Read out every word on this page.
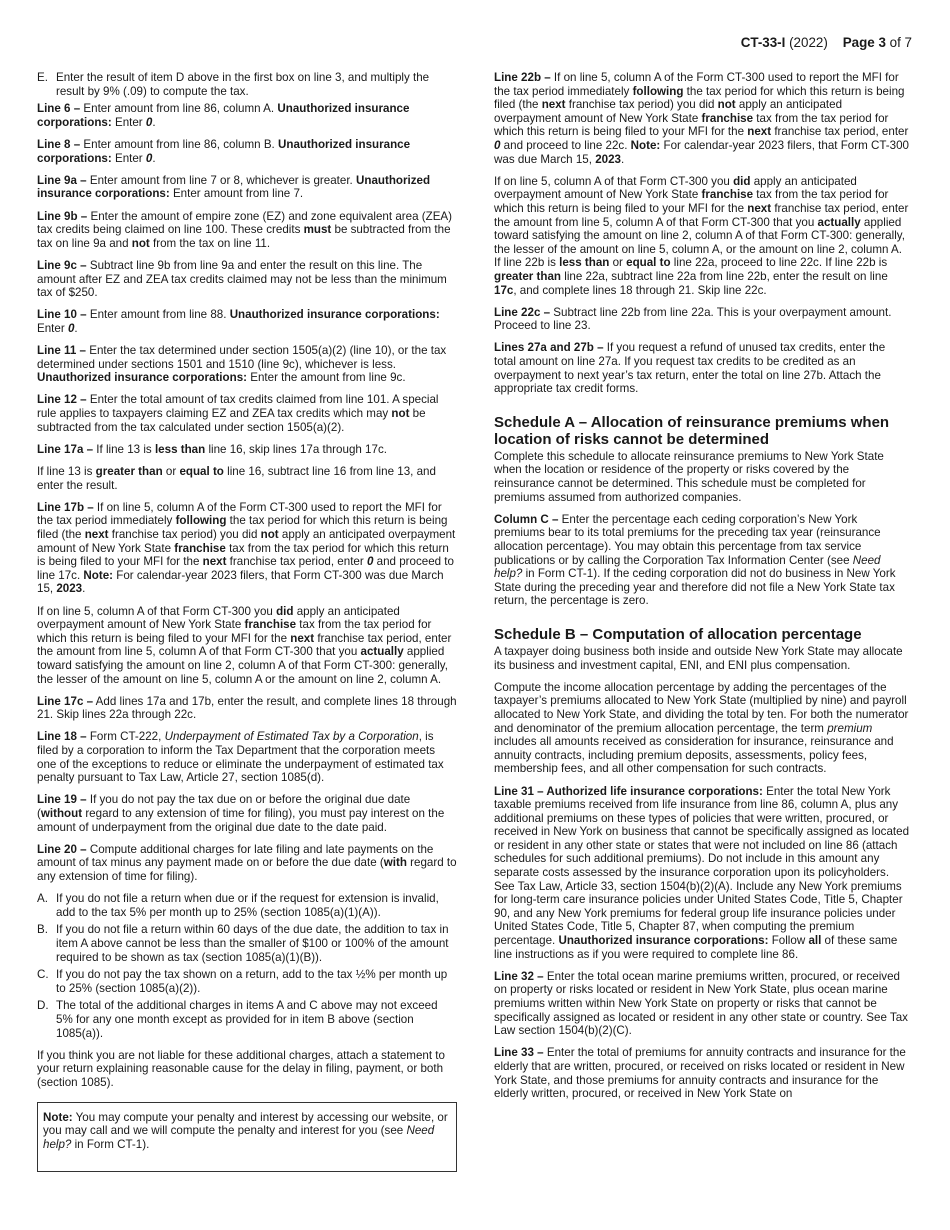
CT-33-I (2022) Page 3 of 7
E. Enter the result of item D above in the first box on line 3, and multiply the result by 9% (.09) to compute the tax.

Line 6 – Enter amount from line 86, column A. Unauthorized insurance corporations: Enter 0.

Line 8 – Enter amount from line 86, column B. Unauthorized insurance corporations: Enter 0.

Line 9a – Enter amount from line 7 or 8, whichever is greater. Unauthorized insurance corporations: Enter amount from line 7.

Line 9b – Enter the amount of empire zone (EZ) and zone equivalent area (ZEA) tax credits being claimed on line 100. These credits must be subtracted from the tax on line 9a and not from the tax on line 11.

Line 9c – Subtract line 9b from line 9a and enter the result on this line. The amount after EZ and ZEA tax credits claimed may not be less than the minimum tax of $250.

Line 10 – Enter amount from line 88. Unauthorized insurance corporations: Enter 0.

Line 11 – Enter the tax determined under section 1505(a)(2) (line 10), or the tax determined under sections 1501 and 1510 (line 9c), whichever is less. Unauthorized insurance corporations: Enter the amount from line 9c.

Line 12 – Enter the total amount of tax credits claimed from line 101. A special rule applies to taxpayers claiming EZ and ZEA tax credits which may not be subtracted from the tax calculated under section 1505(a)(2).

Line 17a – If line 13 is less than line 16, skip lines 17a through 17c.

If line 13 is greater than or equal to line 16, subtract line 16 from line 13, and enter the result.

Line 17b – If on line 5, column A of the Form CT-300 used to report the MFI for the tax period immediately following the tax period for which this return is being filed (the next franchise tax period) you did not apply an anticipated overpayment amount of New York State franchise tax from the tax period for which this return is being filed to your MFI for the next franchise tax period, enter 0 and proceed to line 17c. Note: For calendar-year 2023 filers, that Form CT-300 was due March 15, 2023.

If on line 5, column A of that Form CT-300 you did apply an anticipated overpayment amount of New York State franchise tax from the tax period for which this return is being filed to your MFI for the next franchise tax period, enter the amount from line 5, column A of that Form CT-300 that you actually applied toward satisfying the amount on line 2, column A of that Form CT-300: generally, the lesser of the amount on line 5, column A or the amount on line 2, column A.

Line 17c – Add lines 17a and 17b, enter the result, and complete lines 18 through 21. Skip lines 22a through 22c.

Line 18 – Form CT-222, Underpayment of Estimated Tax by a Corporation, is filed by a corporation to inform the Tax Department that the corporation meets one of the exceptions to reduce or eliminate the underpayment of estimated tax penalty pursuant to Tax Law, Article 27, section 1085(d).

Line 19 – If you do not pay the tax due on or before the original due date (without regard to any extension of time for filing), you must pay interest on the amount of underpayment from the original due date to the date paid.

Line 20 – Compute additional charges for late filing and late payments on the amount of tax minus any payment made on or before the due date (with regard to any extension of time for filing).

A. If you do not file a return when due or if the request for extension is invalid, add to the tax 5% per month up to 25% (section 1085(a)(1)(A)).
B. If you do not file a return within 60 days of the due date, the addition to tax in item A above cannot be less than the smaller of $100 or 100% of the amount required to be shown as tax (section 1085(a)(1)(B)).
C. If you do not pay the tax shown on a return, add to the tax ½% per month up to 25% (section 1085(a)(2)).
D. The total of the additional charges in items A and C above may not exceed 5% for any one month except as provided for in item B above (section 1085(a)).

If you think you are not liable for these additional charges, attach a statement to your return explaining reasonable cause for the delay in filing, payment, or both (section 1085).

Note: You may compute your penalty and interest by accessing our website, or you may call and we will compute the penalty and interest for you (see Need help? in Form CT-1).

Line 22b – If on line 5, column A of the Form CT-300 used to report the MFI for the tax period immediately following the tax period for which this return is being filed (the next franchise tax period) you did not apply an anticipated overpayment amount of New York State franchise tax from the tax period for which this return is being filed to your MFI for the next franchise tax period, enter 0 and proceed to line 22c. Note: For calendar-year 2023 filers, that Form CT-300 was due March 15, 2023.

If on line 5, column A of that Form CT-300 you did apply an anticipated overpayment amount of New York State franchise tax from the tax period for which this return is being filed to your MFI for the next franchise tax period, enter the amount from line 5, column A of that Form CT-300 that you actually applied toward satisfying the amount on line 2, column A of that Form CT-300: generally, the lesser of the amount on line 5, column A, or the amount on line 2, column A. If line 22b is less than or equal to line 22a, proceed to line 22c. If line 22b is greater than line 22a, subtract line 22a from line 22b, enter the result on line 17c, and complete lines 18 through 21. Skip line 22c.

Line 22c – Subtract line 22b from line 22a. This is your overpayment amount. Proceed to line 23.

Lines 27a and 27b – If you request a refund of unused tax credits, enter the total amount on line 27a. If you request tax credits to be credited as an overpayment to next year’s tax return, enter the total on line 27b. Attach the appropriate tax credit forms.

Schedule A – Allocation of reinsurance premiums when location of risks cannot be determined

Complete this schedule to allocate reinsurance premiums to New York State when the location or residence of the property or risks covered by the reinsurance cannot be determined. This schedule must be completed for premiums assumed from authorized companies.

Column C – Enter the percentage each ceding corporation’s New York premiums bear to its total premiums for the preceding tax year (reinsurance allocation percentage). You may obtain this percentage from tax service publications or by calling the Corporation Tax Information Center (see Need help? in Form CT-1). If the ceding corporation did not do business in New York State during the preceding year and therefore did not file a New York State tax return, the percentage is zero.

Schedule B – Computation of allocation percentage

A taxpayer doing business both inside and outside New York State may allocate its business and investment capital, ENI, and ENI plus compensation.

Compute the income allocation percentage by adding the percentages of the taxpayer’s premiums allocated to New York State (multiplied by nine) and payroll allocated to New York State, and dividing the total by ten. For both the numerator and denominator of the premium allocation percentage, the term premium includes all amounts received as consideration for insurance, reinsurance and annuity contracts, including premium deposits, assessments, policy fees, membership fees, and all other compensation for such contracts.

Line 31 – Authorized life insurance corporations: Enter the total New York taxable premiums received from life insurance from line 86, column A, plus any additional premiums on these types of policies that were written, procured, or received in New York on business that cannot be specifically assigned as located or resident in any other state or states that were not included on line 86 (attach schedules for such additional premiums). Do not include in this amount any separate costs assessed by the insurance corporation upon its policyholders. See Tax Law, Article 33, section 1504(b)(2)(A). Include any New York premiums for long-term care insurance policies under United States Code, Title 5, Chapter 90, and any New York premiums for federal group life insurance policies under United States Code, Title 5, Chapter 87, when computing the premium percentage. Unauthorized insurance corporations: Follow all of these same line instructions as if you were required to complete line 86.

Line 32 – Enter the total ocean marine premiums written, procured, or received on property or risks located or resident in New York State, plus ocean marine premiums written within New York State on property or risks that cannot be specifically assigned as located or resident in any other state or country. See Tax Law section 1504(b)(2)(C).

Line 33 – Enter the total of premiums for annuity contracts and insurance for the elderly that are written, procured, or received on risks located or resident in New York State, and those premiums for annuity contracts and insurance for the elderly written, procured, or received in New York State on
